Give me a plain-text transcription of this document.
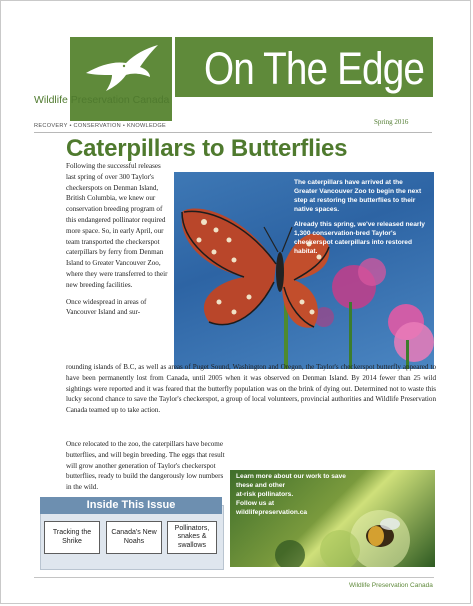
Wildlife Preservation Canada
RECOVERY • CONSERVATION • KNOWLEDGE
On The Edge
Spring 2016
Caterpillars to Butterflies

Following the successful releases last spring of over 300 Taylor's checkerspots on Denman Island, British Columbia, we knew our conservation breeding program of this endangered pollinator required more space. So, in early April, our team transported the checkerspot caterpillars by ferry from Denman Island to Greater Vancouver Zoo, where they were transferred to their new breeding facilities.

Once widespread in areas of Vancouver Island and sur-

The caterpillars have arrived at the Greater Vancouver Zoo to begin the next step at restoring the butterflies to their native spaces.

Already this spring, we've released nearly 1,300 conservation-bred Taylor's checkerspot caterpillars into restored habitat.

rounding islands of B.C, as well as areas of Puget Sound, Washington and Oregon, the Taylor's checkerspot butterfly appeared to have been permanently lost from Canada, until 2005 when it was observed on Denman Island. By 2014 fewer than 25 wild sightings were reported and it was feared that the butterfly population was on the brink of dying out. Determined not to waste this lucky second chance to save the Taylor's checkerspot, a group of local volunteers, provincial authorities and Wildlife Preservation Canada teamed up to take action.

Once relocated to the zoo, the caterpillars have become butterflies, and will begin breeding. The eggs that result will grow another generation of Taylor's checkerspot butterflies, ready to build the dangerously low numbers in the wild.

Inside This Issue
Tracking the Shrike
Canada's New Noahs
Pollinators, snakes & swallows
Learn more about our work to save
these and other
at-risk pollinators.
Follow us at
wildlifepreservation.ca
Wildlife Preservation Canada
